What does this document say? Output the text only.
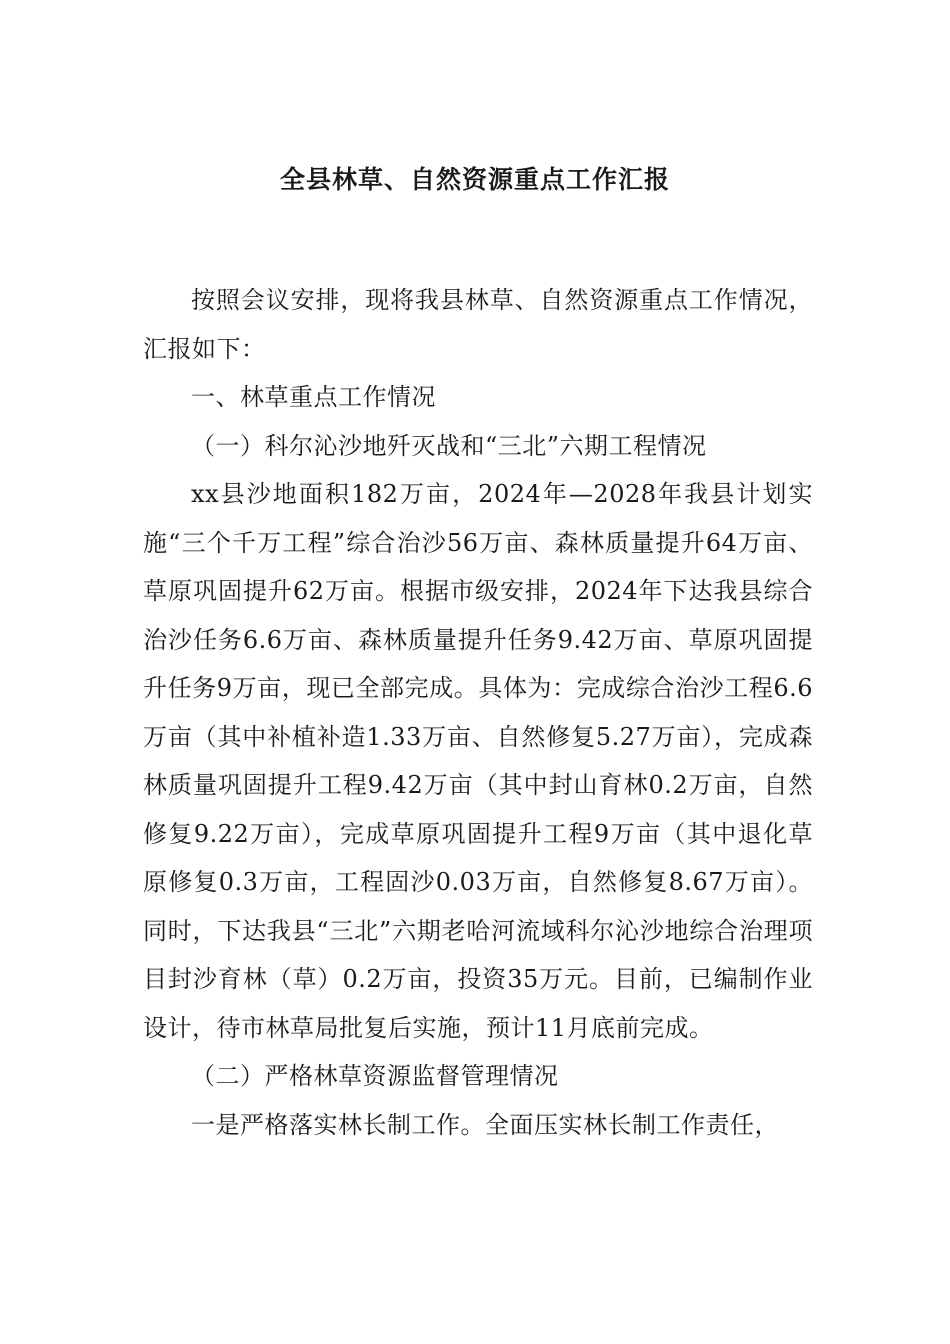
全县林草、自然资源重点工作汇报

按照会议安排，现将我县林草、自然资源重点工作情况，汇报如下：

一、林草重点工作情况

（一）科尔沁沙地歼灭战和“三北”六期工程情况

xx县沙地面积182万亩，2024年—2028年我县计划实施“三个千万工程”综合治沙56万亩、森林质量提升64万亩、草原巩固提升62万亩。根据市级安排，2024年下达我县综合治沙任务6.6万亩、森林质量提升任务9.42万亩、草原巩固提升任务9万亩，现已全部完成。具体为：完成综合治沙工程6.6万亩（其中补植补造1.33万亩、自然修复5.27万亩），完成森林质量巩固提升工程9.42万亩（其中封山育林0.2万亩，自然修复9.22万亩），完成草原巩固提升工程9万亩（其中退化草原修复0.3万亩，工程固沙0.03万亩，自然修复8.67万亩）。同时，下达我县“三北”六期老哈河流域科尔沁沙地综合治理项目封沙育林（草）0.2万亩，投资35万元。目前，已编制作业设计，待市林草局批复后实施，预计11月底前完成。

（二）严格林草资源监督管理情况

一是严格落实林长制工作。全面压实林长制工作责任，
